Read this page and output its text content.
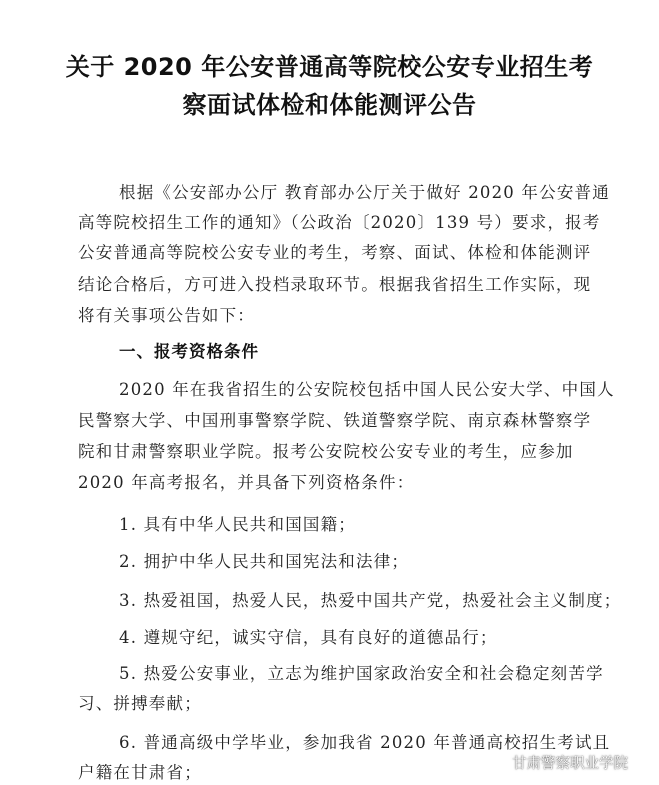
关于 2020 年公安普通高等院校公安专业招生考
察面试体检和体能测评公告
根据《公安部办公厅 教育部办公厅关于做好 2020 年公安普通
高等院校招生工作的通知》（公政治〔2020〕139 号）要求，报考
公安普通高等院校公安专业的考生，考察、面试、体检和体能测评
结论合格后，方可进入投档录取环节。根据我省招生工作实际，现
将有关事项公告如下：
一、报考资格条件
2020 年在我省招生的公安院校包括中国人民公安大学、中国人
民警察大学、中国刑事警察学院、铁道警察学院、南京森林警察学
院和甘肃警察职业学院。报考公安院校公安专业的考生，应参加
2020 年高考报名，并具备下列资格条件：
1. 具有中华人民共和国国籍；
2. 拥护中华人民共和国宪法和法律；
3. 热爱祖国，热爱人民，热爱中国共产党，热爱社会主义制度；
4. 遵规守纪，诚实守信，具有良好的道德品行；
5. 热爱公安事业，立志为维护国家政治安全和社会稳定刻苦学
习、拼搏奉献；
6. 普通高级中学毕业，参加我省 2020 年普通高校招生考试且
户籍在甘肃省；	甘肃警察职业学院
